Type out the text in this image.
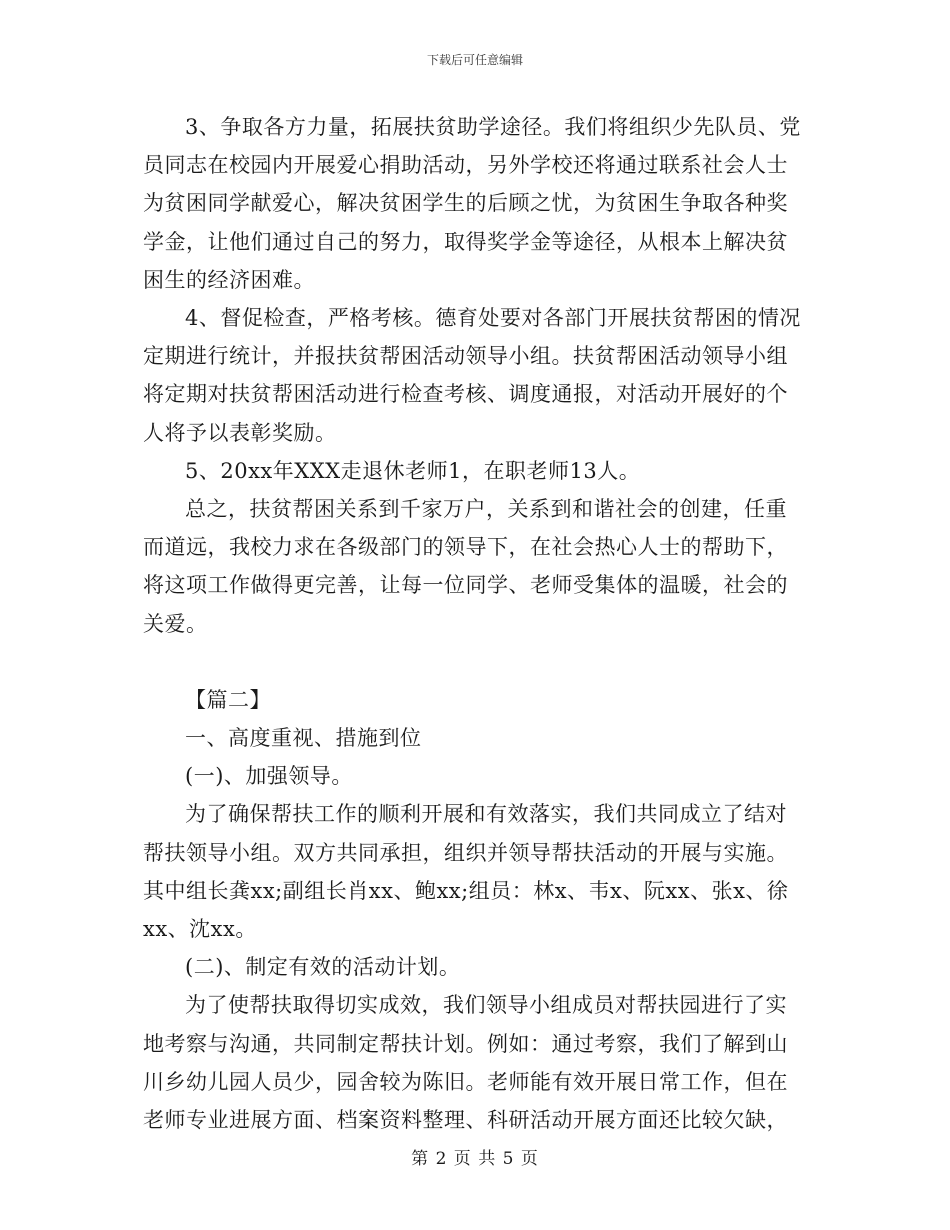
下载后可任意编辑

3、争取各方力量，拓展扶贫助学途径。我们将组织少先队员、党员同志在校园内开展爱心捐助活动，另外学校还将通过联系社会人士为贫困同学献爱心，解决贫困学生的后顾之忧，为贫困生争取各种奖学金，让他们通过自己的努力，取得奖学金等途径，从根本上解决贫困生的经济困难。

4、督促检查，严格考核。德育处要对各部门开展扶贫帮困的情况定期进行统计，并报扶贫帮困活动领导小组。扶贫帮困活动领导小组将定期对扶贫帮困活动进行检查考核、调度通报，对活动开展好的个人将予以表彰奖励。

5、20xx年XXX走退休老师1，在职老师13人。

总之，扶贫帮困关系到千家万户，关系到和谐社会的创建，任重而道远，我校力求在各级部门的领导下，在社会热心人士的帮助下，将这项工作做得更完善，让每一位同学、老师受集体的温暖，社会的关爱。

【篇二】

一、高度重视、措施到位

(一)、加强领导。

为了确保帮扶工作的顺利开展和有效落实，我们共同成立了结对帮扶领导小组。双方共同承担，组织并领导帮扶活动的开展与实施。其中组长龚xx;副组长肖xx、鲍xx;组员：林x、韦x、阮xx、张x、徐xx、沈xx。

(二)、制定有效的活动计划。

为了使帮扶取得切实成效，我们领导小组成员对帮扶园进行了实地考察与沟通，共同制定帮扶计划。例如：通过考察，我们了解到山川乡幼儿园人员少，园舍较为陈旧。老师能有效开展日常工作，但在老师专业进展方面、档案资料整理、科研活动开展方面还比较欠缺，

第 2 页 共 5 页
